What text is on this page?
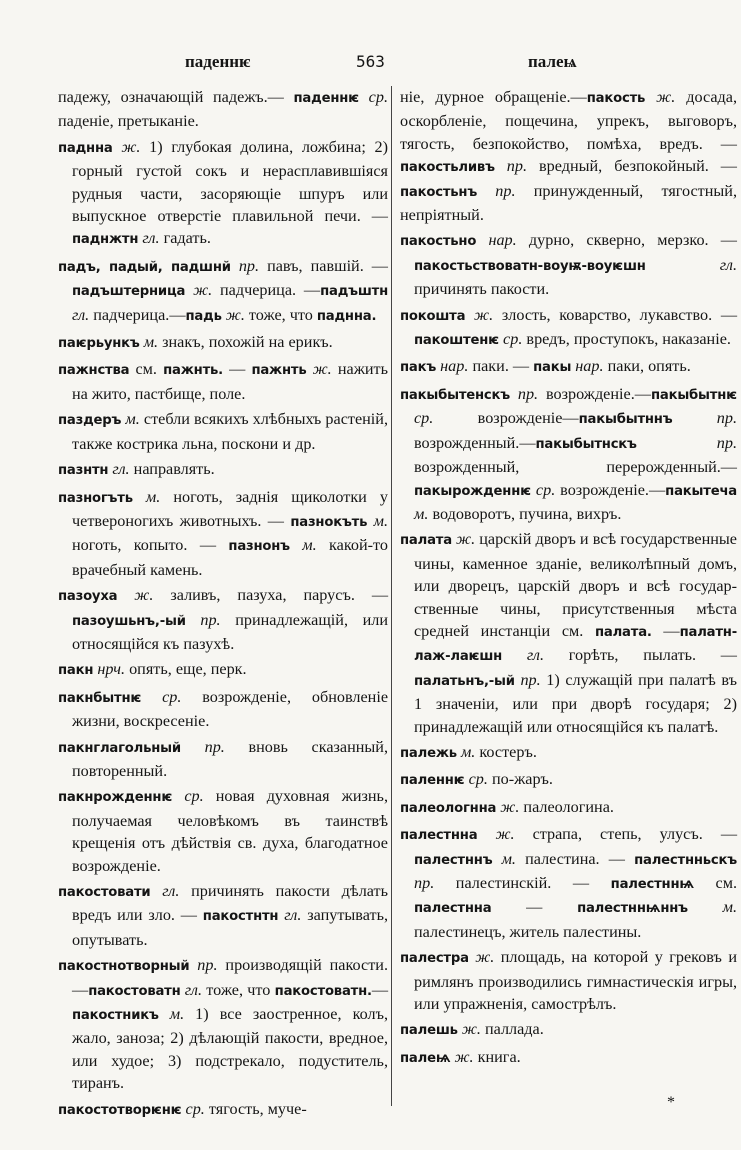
паденнѥ	563	палеѩ

падежу, означающій падежъ.— паденнѥ ср. паденіе, претыканіе.

паднна ж. 1) глубокая долина, ложбина; 2) горный густой сокъ и нерасплавившіяся рудныя части, засоряющіе шпуръ или выпускное отверстіе плавильной печи. — паднжтн гл. гадать.

падъ, падый, падшнй пр. павъ, павшій. — падъштерница ж. падчерица. —падъштн гл. падчерица.—падь ж. тоже, что паднна.

паѥрьункъ м. знакъ, похожій на ерикъ.

пажнства см. пажнть. — пажнть ж. нажить на жито, пастбище, поле.

паздеръ м. стебли всякихъ хлѣбныхъ растеній, также кострика льна, поскони и др.

пазнтн гл. направлять.

пазногъть м. ноготь, заднія щиколотки у четвероногихъ животныхъ. — пазнокъть м. ноготь, копыто. — пазнонъ м. какой-то врачебный камень.

пазоуха ж. заливъ, пазуха, парусъ. — пазоушьнъ,-ый пр. принадлежащій, или относящійся къ пазухѣ.

пакн нрч. опять, еще, перк.

пакнбытнѥ ср. возрожденіе, обновленіе жизни, воскресеніе.

пакнглагольный пр. вновь сказанный, повторенный.

пакнрожденнѥ ср. новая духовная жизнь, получаемая человѣкомъ въ таинствѣ крещенія отъ дѣйствія св. духа, благодатное возрожденіе.

пакостовати гл. причинять пакости дѣлать вредъ или зло. — пакостнтн гл. запутывать, опутывать.

пакостнотворный пр. производящій пакости.—пакостоватн гл. тоже, что пакостоватн.—пакостникъ м. 1) все заостренное, колъ, жало, заноза; 2) дѣлающій пакости, вредное, или худое; 3) подстрекало, подуститель, тиранъ.

пакостотворѥнѥ ср. тягость, муче-

ніе, дурное обращеніе.—пакость ж. досада, оскорбленіе, пощечина, упрекъ, выговоръ, тягость, безпокойство, помѣха, вредъ. — пакостьливъ пр. вредный, безпокойный. — пакостьнъ пр. принужденный, тягостный, непріятный.

пакостьно нар. дурно, скверно, мерзко. — пакостьствоватн-воуѭ-воуѥшн	гл. причинять пакости.

покошта ж. злость, коварство, лукавство. — пакоштенѥ ср. вредъ, проступокъ, наказаніе.

пакъ нар. паки. — пакы нар. паки, опять.

пакыбытенскъ пр. возрожденіе.—пакыбытнѥ ср. возрожденіе—пакыбытннъ	пр. возрожденный.—пакыбытнскъ	пр. возрожденный, перерожденный.—пакырожденнѥ ср. возрожденіе.—пакытеча м. водоворотъ, пучина, вихръ.

палата ж. царскій дворъ и всѣ государственные чины, каменное зданіе, великолѣпный домъ, или дворецъ, царскій дворъ и всѣ государственные чины, присутственныя мѣста средней инстанціи см. палата. —палатн-лаж-лаѥшн гл. горѣть, пылать. — палатьнъ,-ый пр. 1) служащій при палатѣ въ 1 значеніи, или при дворѣ государя; 2) принадлежащій или относящійся къ палатѣ.

палежь м. костеръ.

паленнѥ ср. по-жаръ.

палеологнна ж. палеологина.

палестнна ж. страпа, степь, улусъ. —палестннъ м. палестина. — палестнньскъ пр. палестинскій. — палестннѩ см. палестнна — палестннѩннъ м. палестинецъ, житель палестины.

палестра ж. площадь, на которой у грековъ и римлянъ производились гимнастическія игры, или упражненія, самострѣлъ.

палешь ж. паллада.

палеѩ ж. книга.

*
